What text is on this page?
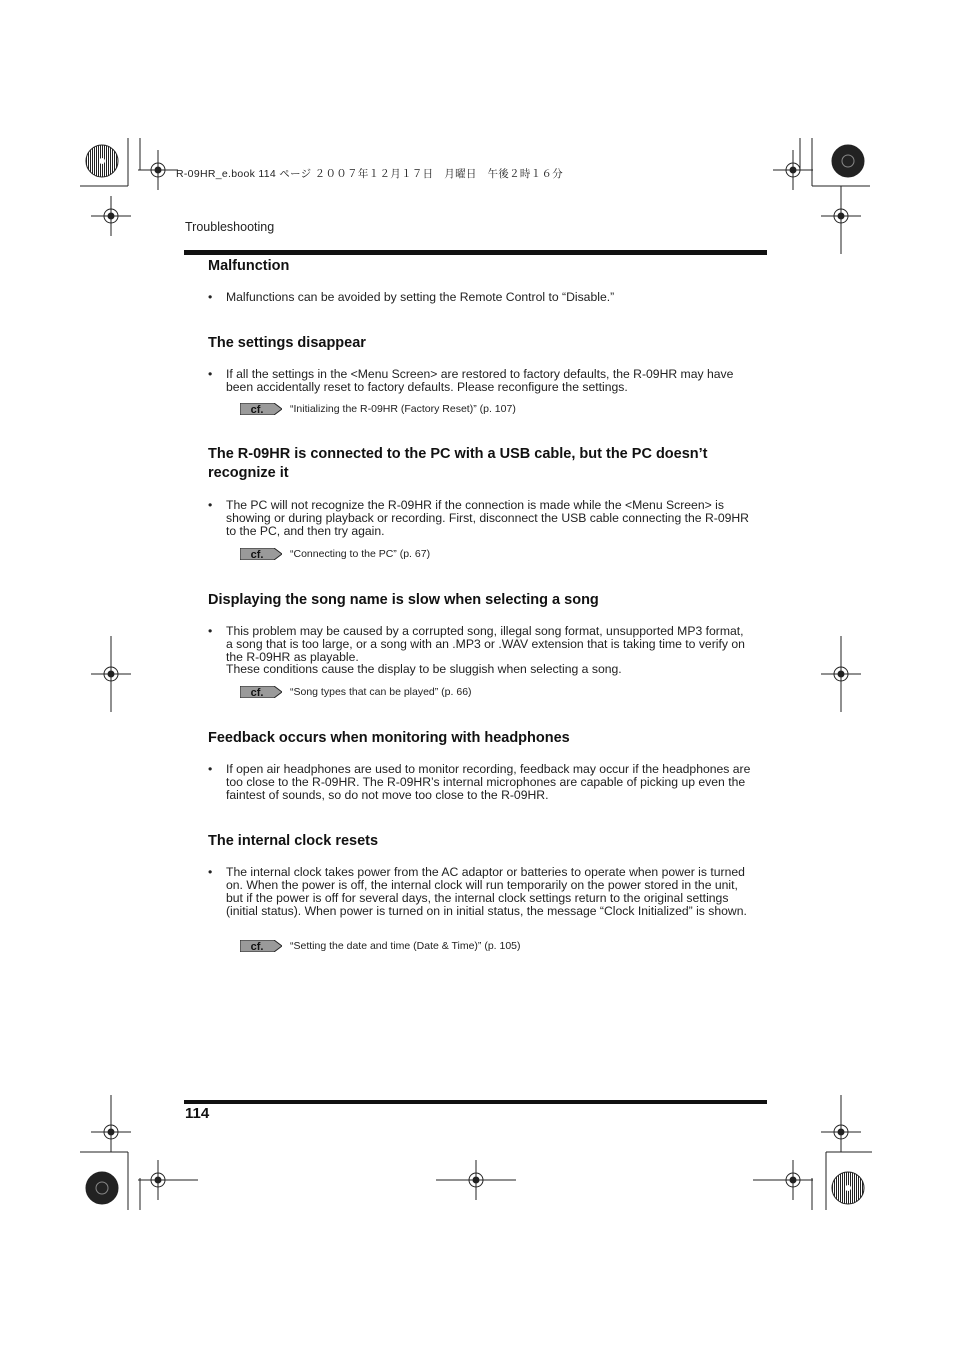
R-09HR_e.book 114 ページ ２００７年１２月１７日　月曜日　午後２時１６分
Troubleshooting
Malfunction
• Malfunctions can be avoided by setting the Remote Control to “Disable.”
The settings disappear
• If all the settings in the <Menu Screen> are restored to factory defaults, the R-09HR may have been accidentally reset to factory defaults. Please reconfigure the settings.
cf.	“Initializing the R-09HR (Factory Reset)” (p. 107)
The R-09HR is connected to the PC with a USB cable, but the PC doesn’t recognize it
• The PC will not recognize the R-09HR if the connection is made while the <Menu Screen> is showing or during playback or recording. First, disconnect the USB cable connecting the R-09HR to the PC, and then try again.
cf.	“Connecting to the PC” (p. 67)
Displaying the song name is slow when selecting a song
• This problem may be caused by a corrupted song, illegal song format, unsupported MP3 format, a song that is too large, or a song with an .MP3 or .WAV extension that is taking time to verify on the R-09HR as playable.
These conditions cause the display to be sluggish when selecting a song.
cf.	“Song types that can be played” (p. 66)
Feedback occurs when monitoring with headphones
• If open air headphones are used to monitor recording, feedback may occur if the headphones are too close to the R-09HR. The R-09HR’s internal microphones are capable of picking up even the faintest of sounds, so do not move too close to the R-09HR.
The internal clock resets
• The internal clock takes power from the AC adaptor or batteries to operate when power is turned on. When the power is off, the internal clock will run temporarily on the power stored in the unit, but if the power is off for several days, the internal clock settings return to the original settings (initial status). When power is turned on in initial status, the message “Clock Initialized” is shown.
cf.	“Setting the date and time (Date & Time)” (p. 105)
114
